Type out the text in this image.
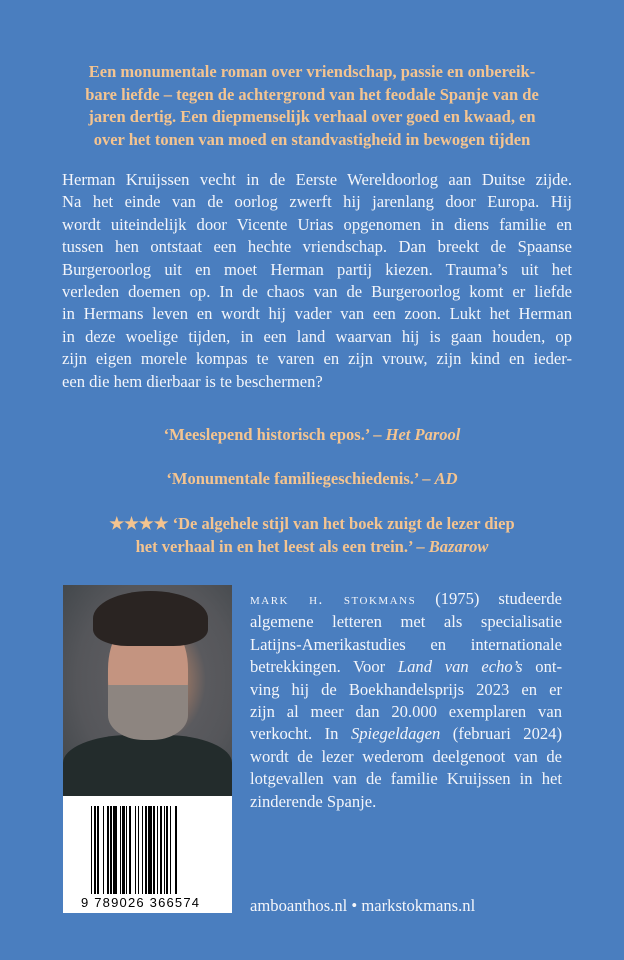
Een monumentale roman over vriendschap, passie en onbereik-
bare liefde – tegen de achtergrond van het feodale Spanje van de
jaren dertig. Een diepmenselijk verhaal over goed en kwaad, en
over het tonen van moed en standvastigheid in bewogen tijden
Herman Kruijssen vecht in de Eerste Wereldoorlog aan Duitse zijde.
Na het einde van de oorlog zwerft hij jarenlang door Europa. Hij
wordt uiteindelijk door Vicente Urias opgenomen in diens familie en
tussen hen ontstaat een hechte vriendschap. Dan breekt de Spaanse
Burgeroorlog uit en moet Herman partij kiezen. Trauma’s uit het
verleden doemen op. In de chaos van de Burgeroorlog komt er liefde
in Hermans leven en wordt hij vader van een zoon. Lukt het Herman
in deze woelige tijden, in een land waarvan hij is gaan houden, op
zijn eigen morele kompas te varen en zijn vrouw, zijn kind en ieder-
een die hem dierbaar is te beschermen?
‘Meeslepend historisch epos.’ – Het Parool
‘Monumentale familiegeschiedenis.’ – AD
★★★★ ‘De algehele stijl van het boek zuigt de lezer diep
het verhaal in en het leest als een trein.’ – Bazarow
9 789026 366574
mark h. stokmans (1975) studeerde
algemene letteren met als specialisatie
Latijns-Amerikastudies en internationale
betrekkingen. Voor Land van echo’s ont-
ving hij de Boekhandelsprijs 2023 en er
zijn al meer dan 20.000 exemplaren van
verkocht. In Spiegeldagen (februari 2024)
wordt de lezer wederom deelgenoot van de
lotgevallen van de familie Kruijssen in het
zinderende Spanje.
amboanthos.nl • markstokmans.nl
